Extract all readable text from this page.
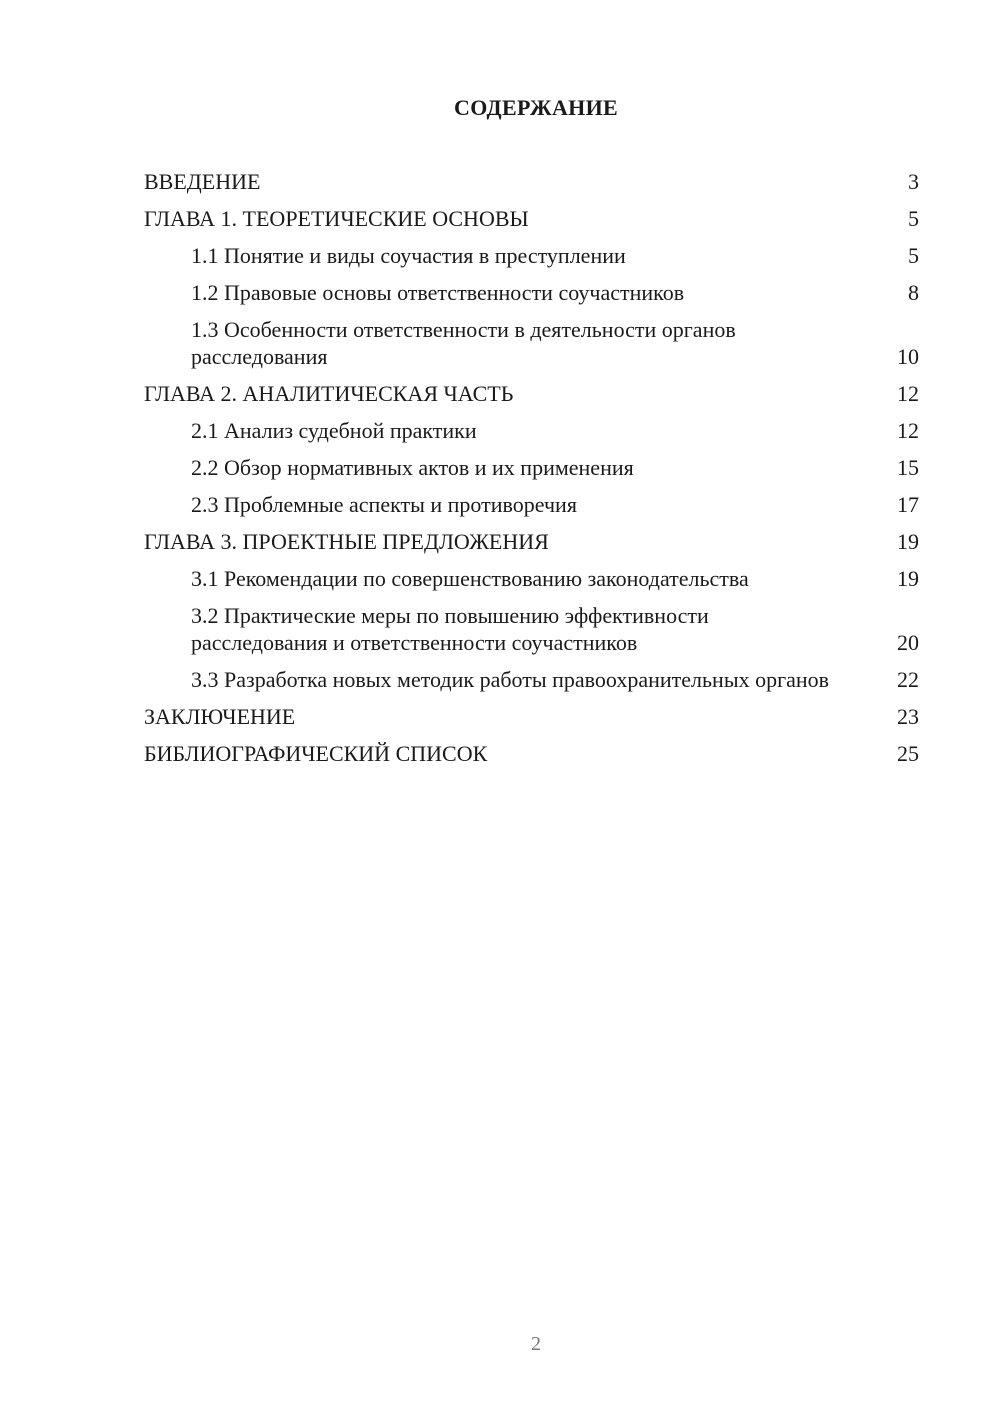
СОДЕРЖАНИЕ
ВВЕДЕНИЕ	3
ГЛАВА 1. ТЕОРЕТИЧЕСКИЕ ОСНОВЫ	5
1.1 Понятие и виды соучастия в преступлении	5
1.2 Правовые основы ответственности соучастников	8
1.3 Особенности ответственности в деятельности органов расследования	10
ГЛАВА 2. АНАЛИТИЧЕСКАЯ ЧАСТЬ	12
2.1 Анализ судебной практики	12
2.2 Обзор нормативных актов и их применения	15
2.3 Проблемные аспекты и противоречия	17
ГЛАВА 3. ПРОЕКТНЫЕ ПРЕДЛОЖЕНИЯ	19
3.1 Рекомендации по совершенствованию законодательства	19
3.2 Практические меры по повышению эффективности расследования и ответственности соучастников	20
3.3 Разработка новых методик работы правоохранительных органов	22
ЗАКЛЮЧЕНИЕ	23
БИБЛИОГРАФИЧЕСКИЙ СПИСОК	25
2
